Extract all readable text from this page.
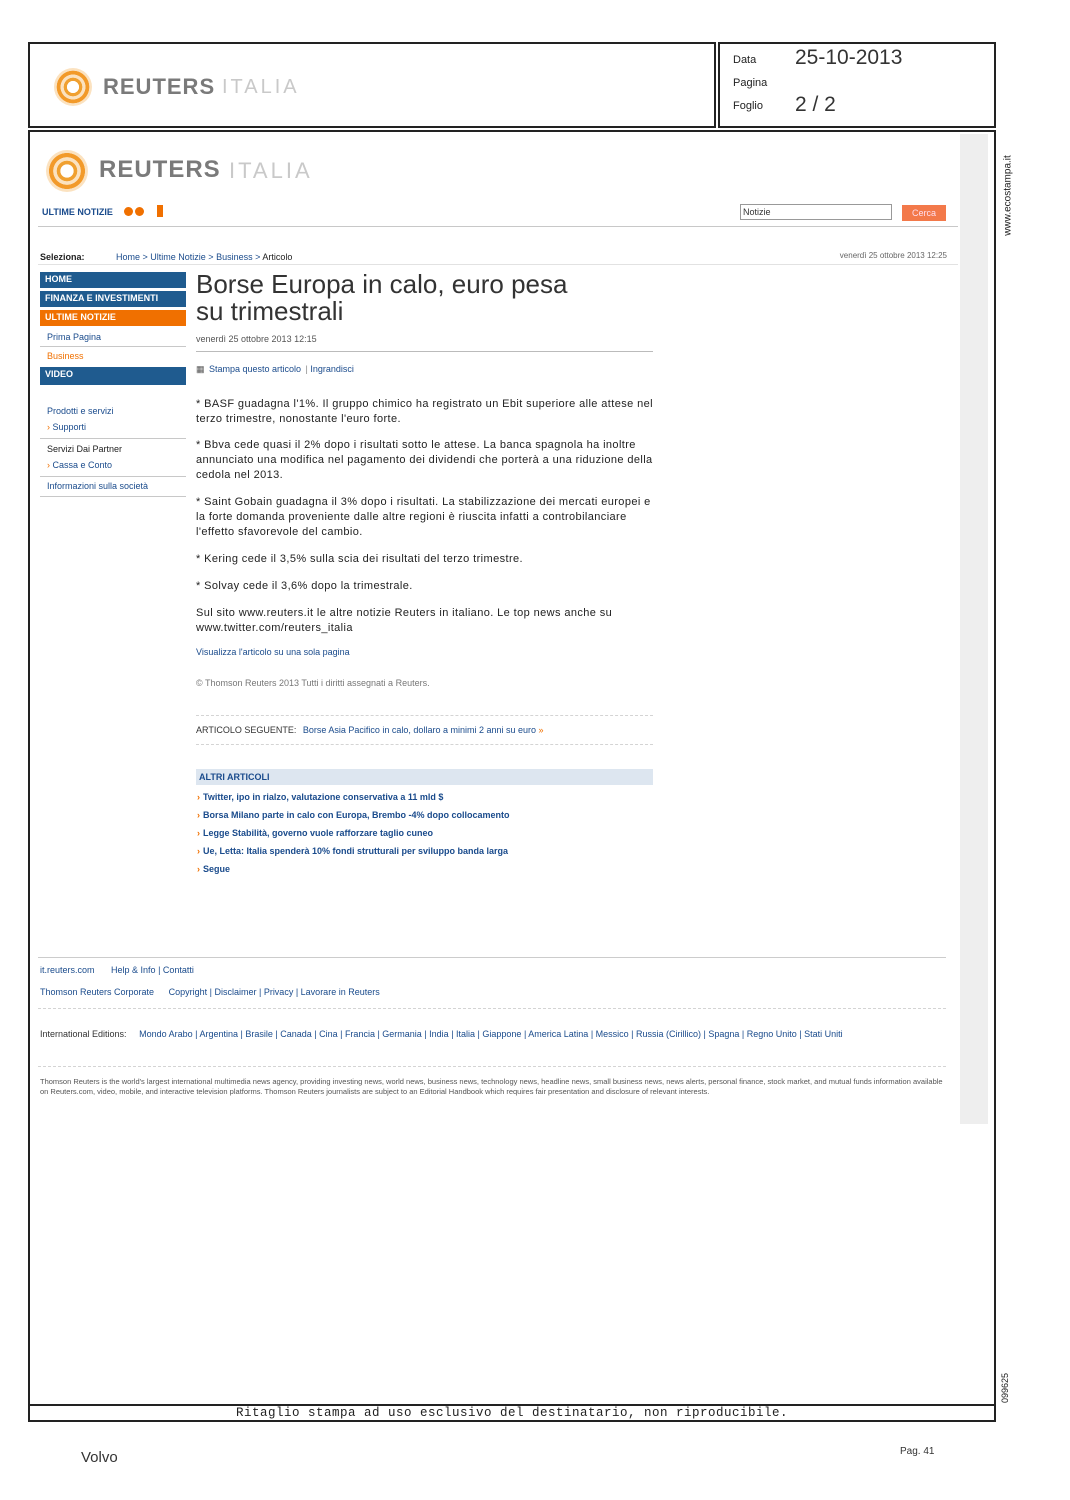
REUTERS ITALIA
Data 25-10-2013
Pagina
Foglio 2 / 2
www.ecostampa.it
099625
REUTERS ITALIA
ULTIME NOTIZIE	Notizie	Cerca
Seleziona:	Home > Ultime Notizie > Business > Articolo	venerdì 25 ottobre 2013 12:25
HOME
FINANZA E INVESTIMENTI
ULTIME NOTIZIE
Prima Pagina
Business
VIDEO
Prodotti e servizi
› Supporti
Servizi Dai Partner
› Cassa e Conto
Informazioni sulla società
Borse Europa in calo, euro pesa
su trimestrali
venerdì 25 ottobre 2013 12:15
▦ Stampa questo articolo | Ingrandisci
* BASF guadagna l'1%. Il gruppo chimico ha registrato un Ebit superiore alle attese nel terzo trimestre, nonostante l'euro forte.
* Bbva cede quasi il 2% dopo i risultati sotto le attese. La banca spagnola ha inoltre annunciato una modifica nel pagamento dei dividendi che porterà a una riduzione della cedola nel 2013.
* Saint Gobain guadagna il 3% dopo i risultati. La stabilizzazione dei mercati europei e la forte domanda proveniente dalle altre regioni è riuscita infatti a controbilanciare l'effetto sfavorevole del cambio.
* Kering cede il 3,5% sulla scia dei risultati del terzo trimestre.
* Solvay cede il 3,6% dopo la trimestrale.
Sul sito www.reuters.it le altre notizie Reuters in italiano. Le top news anche su www.twitter.com/reuters_italia
Visualizza l'articolo su una sola pagina
© Thomson Reuters 2013 Tutti i diritti assegnati a Reuters.
ARTICOLO SEGUENTE: Borse Asia Pacifico in calo, dollaro a minimi 2 anni su euro »
ALTRI ARTICOLI
› Twitter, ipo in rialzo, valutazione conservativa a 11 mld $
› Borsa Milano parte in calo con Europa, Brembo -4% dopo collocamento
› Legge Stabilità, governo vuole rafforzare taglio cuneo
› Ue, Letta: Italia spenderà 10% fondi strutturali per sviluppo banda larga
› Segue
it.reuters.com Help & Info | Contatti
Thomson Reuters Corporate Copyright | Disclaimer | Privacy | Lavorare in Reuters
International Editions: Mondo Arabo | Argentina | Brasile | Canada | Cina | Francia | Germania | India | Italia | Giappone | America Latina | Messico | Russia (Cirillico) | Spagna | Regno Unito | Stati Uniti
Thomson Reuters is the world's largest international multimedia news agency, providing investing news, world news, business news, technology news, headline news, small business news, news alerts, personal finance, stock market, and mutual funds information available on Reuters.com, video, mobile, and interactive television platforms. Thomson Reuters journalists are subject to an Editorial Handbook which requires fair presentation and disclosure of relevant interests.
Ritaglio stampa ad uso esclusivo del destinatario, non riproducibile.
Volvo	Pag. 41
